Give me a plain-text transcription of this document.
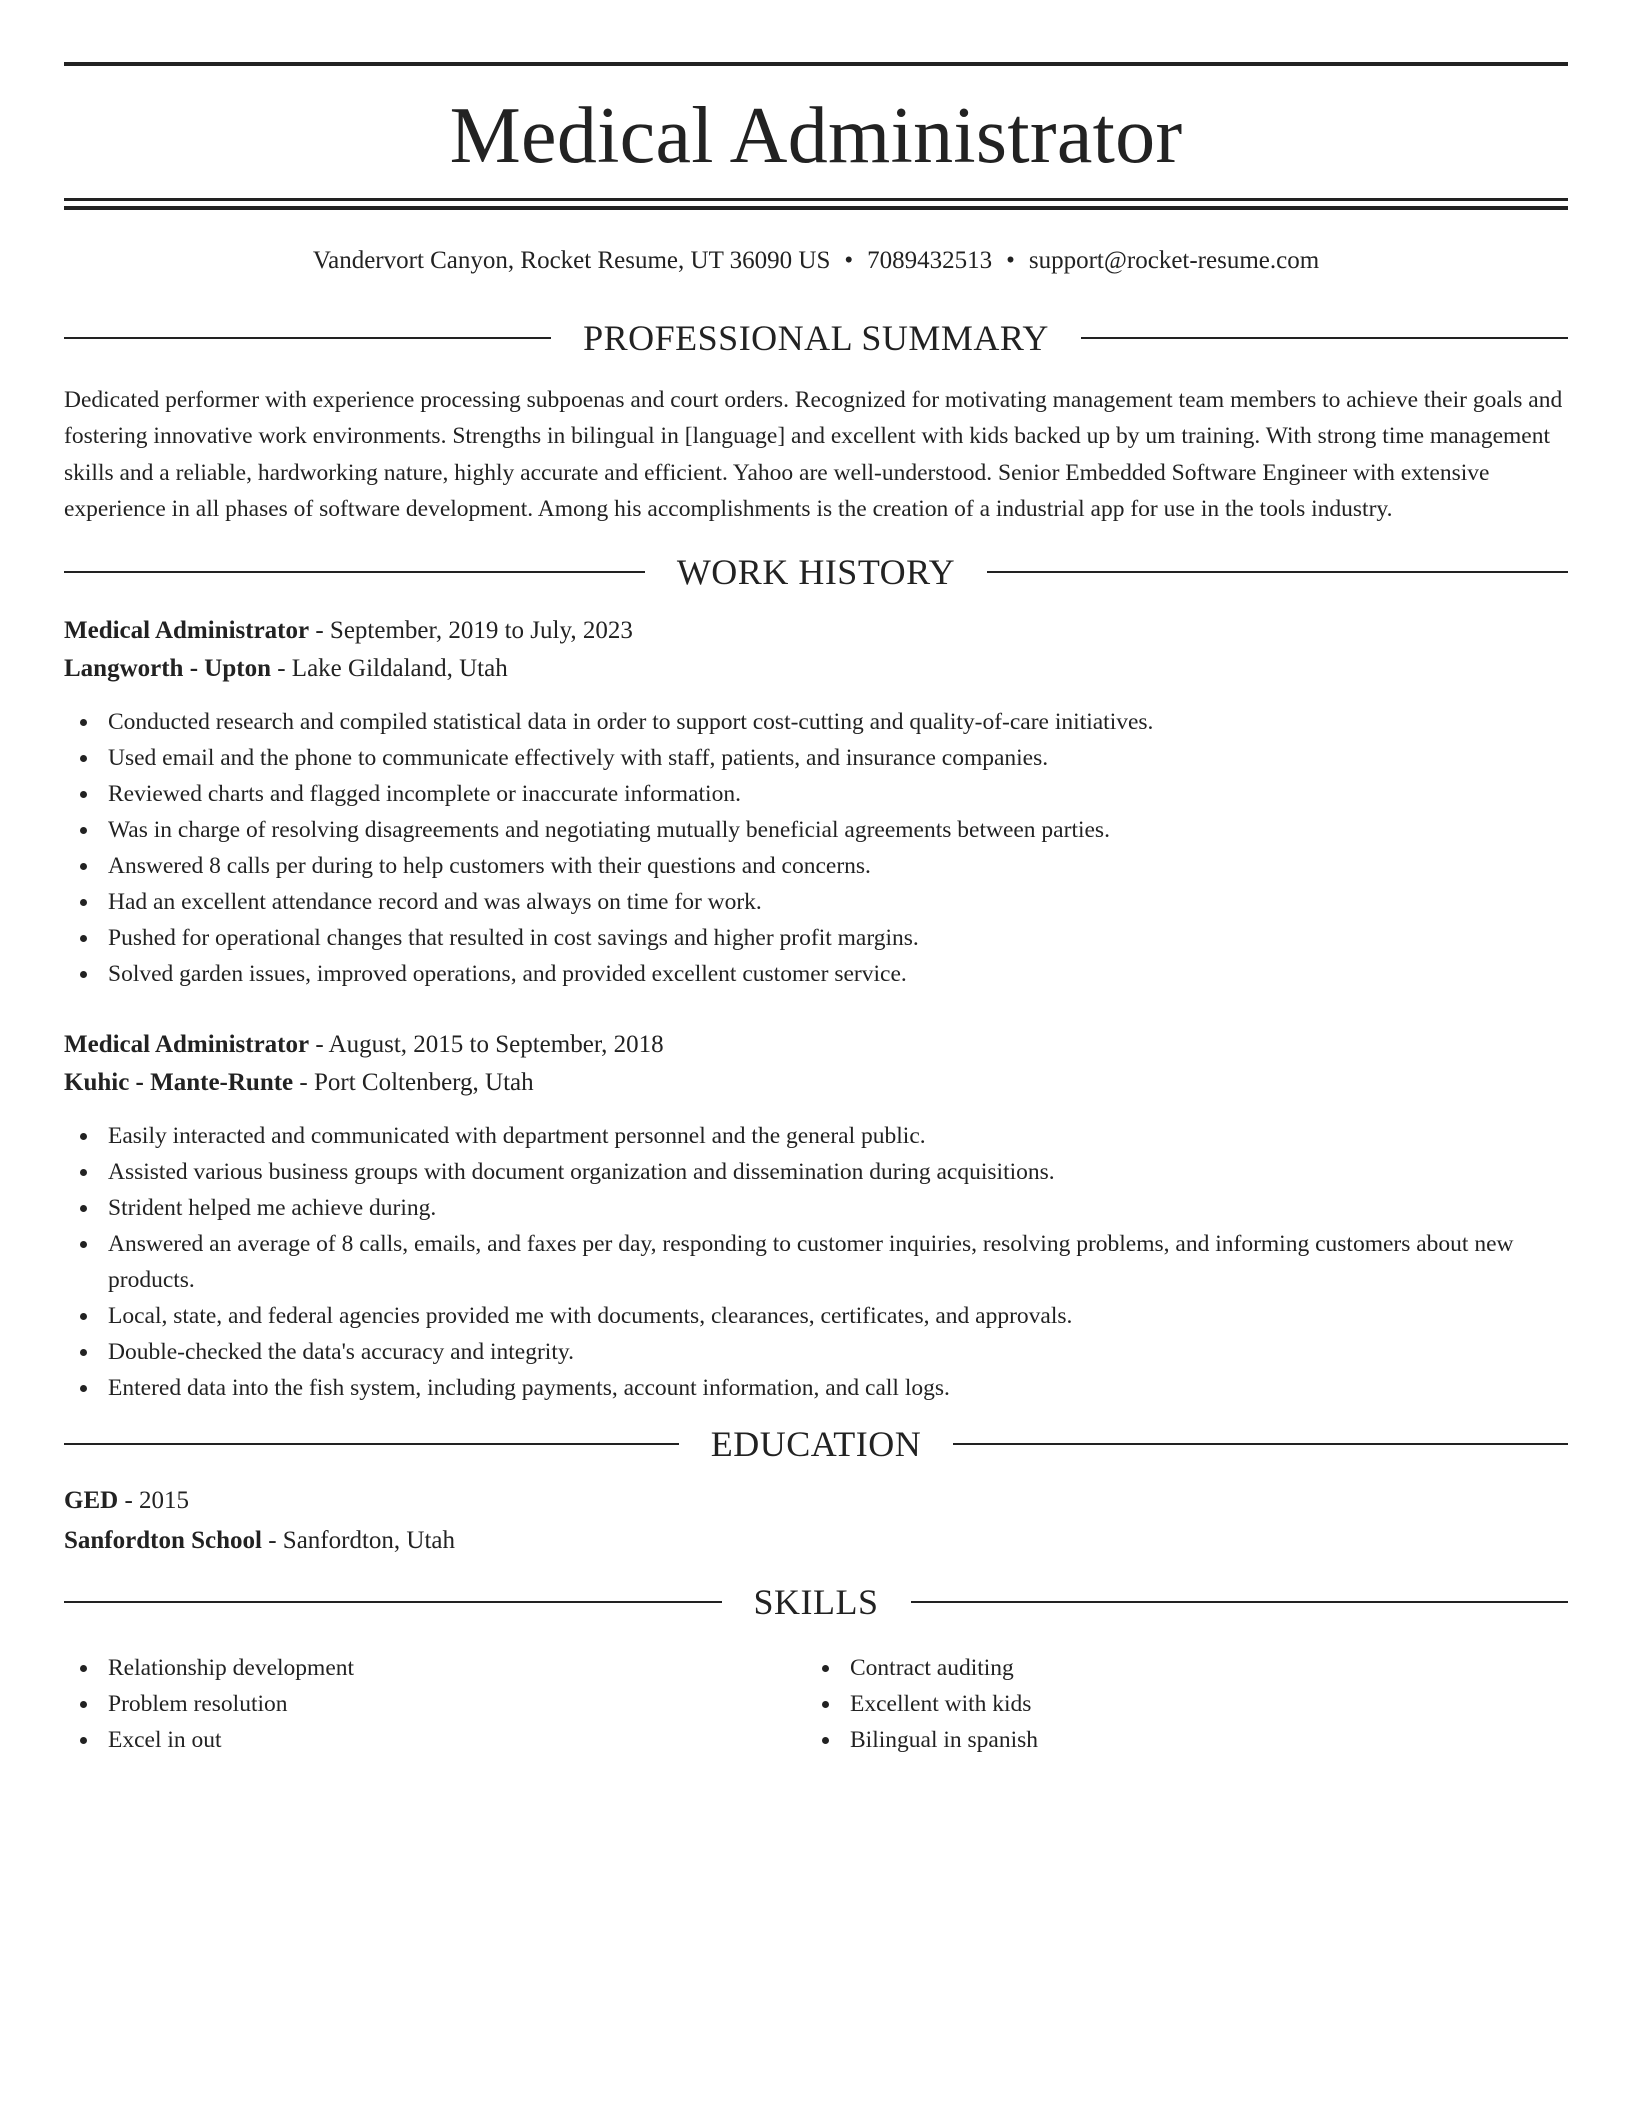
Medical Administrator
Vandervort Canyon, Rocket Resume, UT 36090 US • 7089432513 • support@rocket-resume.com
PROFESSIONAL SUMMARY
Dedicated performer with experience processing subpoenas and court orders. Recognized for motivating management team members to achieve their goals and fostering innovative work environments. Strengths in bilingual in [language] and excellent with kids backed up by um training. With strong time management skills and a reliable, hardworking nature, highly accurate and efficient. Yahoo are well-understood. Senior Embedded Software Engineer with extensive experience in all phases of software development. Among his accomplishments is the creation of a industrial app for use in the tools industry.
WORK HISTORY
Medical Administrator - September, 2019 to July, 2023
Langworth - Upton - Lake Gildaland, Utah
Conducted research and compiled statistical data in order to support cost-cutting and quality-of-care initiatives.
Used email and the phone to communicate effectively with staff, patients, and insurance companies.
Reviewed charts and flagged incomplete or inaccurate information.
Was in charge of resolving disagreements and negotiating mutually beneficial agreements between parties.
Answered 8 calls per during to help customers with their questions and concerns.
Had an excellent attendance record and was always on time for work.
Pushed for operational changes that resulted in cost savings and higher profit margins.
Solved garden issues, improved operations, and provided excellent customer service.
Medical Administrator - August, 2015 to September, 2018
Kuhic - Mante-Runte - Port Coltenberg, Utah
Easily interacted and communicated with department personnel and the general public.
Assisted various business groups with document organization and dissemination during acquisitions.
Strident helped me achieve during.
Answered an average of 8 calls, emails, and faxes per day, responding to customer inquiries, resolving problems, and informing customers about new products.
Local, state, and federal agencies provided me with documents, clearances, certificates, and approvals.
Double-checked the data's accuracy and integrity.
Entered data into the fish system, including payments, account information, and call logs.
EDUCATION
GED - 2015
Sanfordton School - Sanfordton, Utah
SKILLS
Relationship development
Problem resolution
Excel in out
Contract auditing
Excellent with kids
Bilingual in spanish
